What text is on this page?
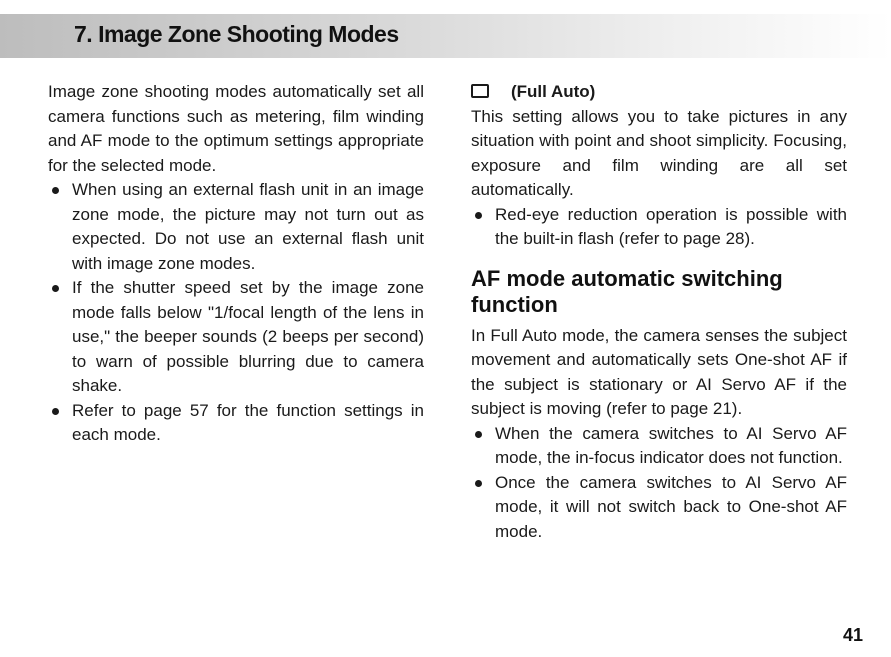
7. Image Zone Shooting Modes

Image zone shooting modes automatically set all camera functions such as metering, film winding and AF mode to the optimum settings appropriate for the selected mode.

When using an external flash unit in an image zone mode, the picture may not turn out as expected. Do not use an external flash unit with image zone modes.
If the shutter speed set by the image zone mode falls below "1/focal length of the lens in use," the beeper sounds (2 beeps per second) to warn of possible blurring due to camera shake.
Refer to page 57 for the function settings in each mode.
(Full Auto)

This setting allows you to take pictures in any situation with point and shoot simplicity. Focusing, exposure and film winding are all set automatically.

Red-eye reduction operation is possible with the built-in flash (refer to page 28).
AF mode automatic switching function

In Full Auto mode, the camera senses the subject movement and automatically sets One-shot AF if the subject is stationary or AI Servo AF if the subject is moving (refer to page 21).

When the camera switches to AI Servo AF mode, the in-focus indicator does not function.
Once the camera switches to AI Servo AF mode, it will not switch back to One-shot AF mode.
41
